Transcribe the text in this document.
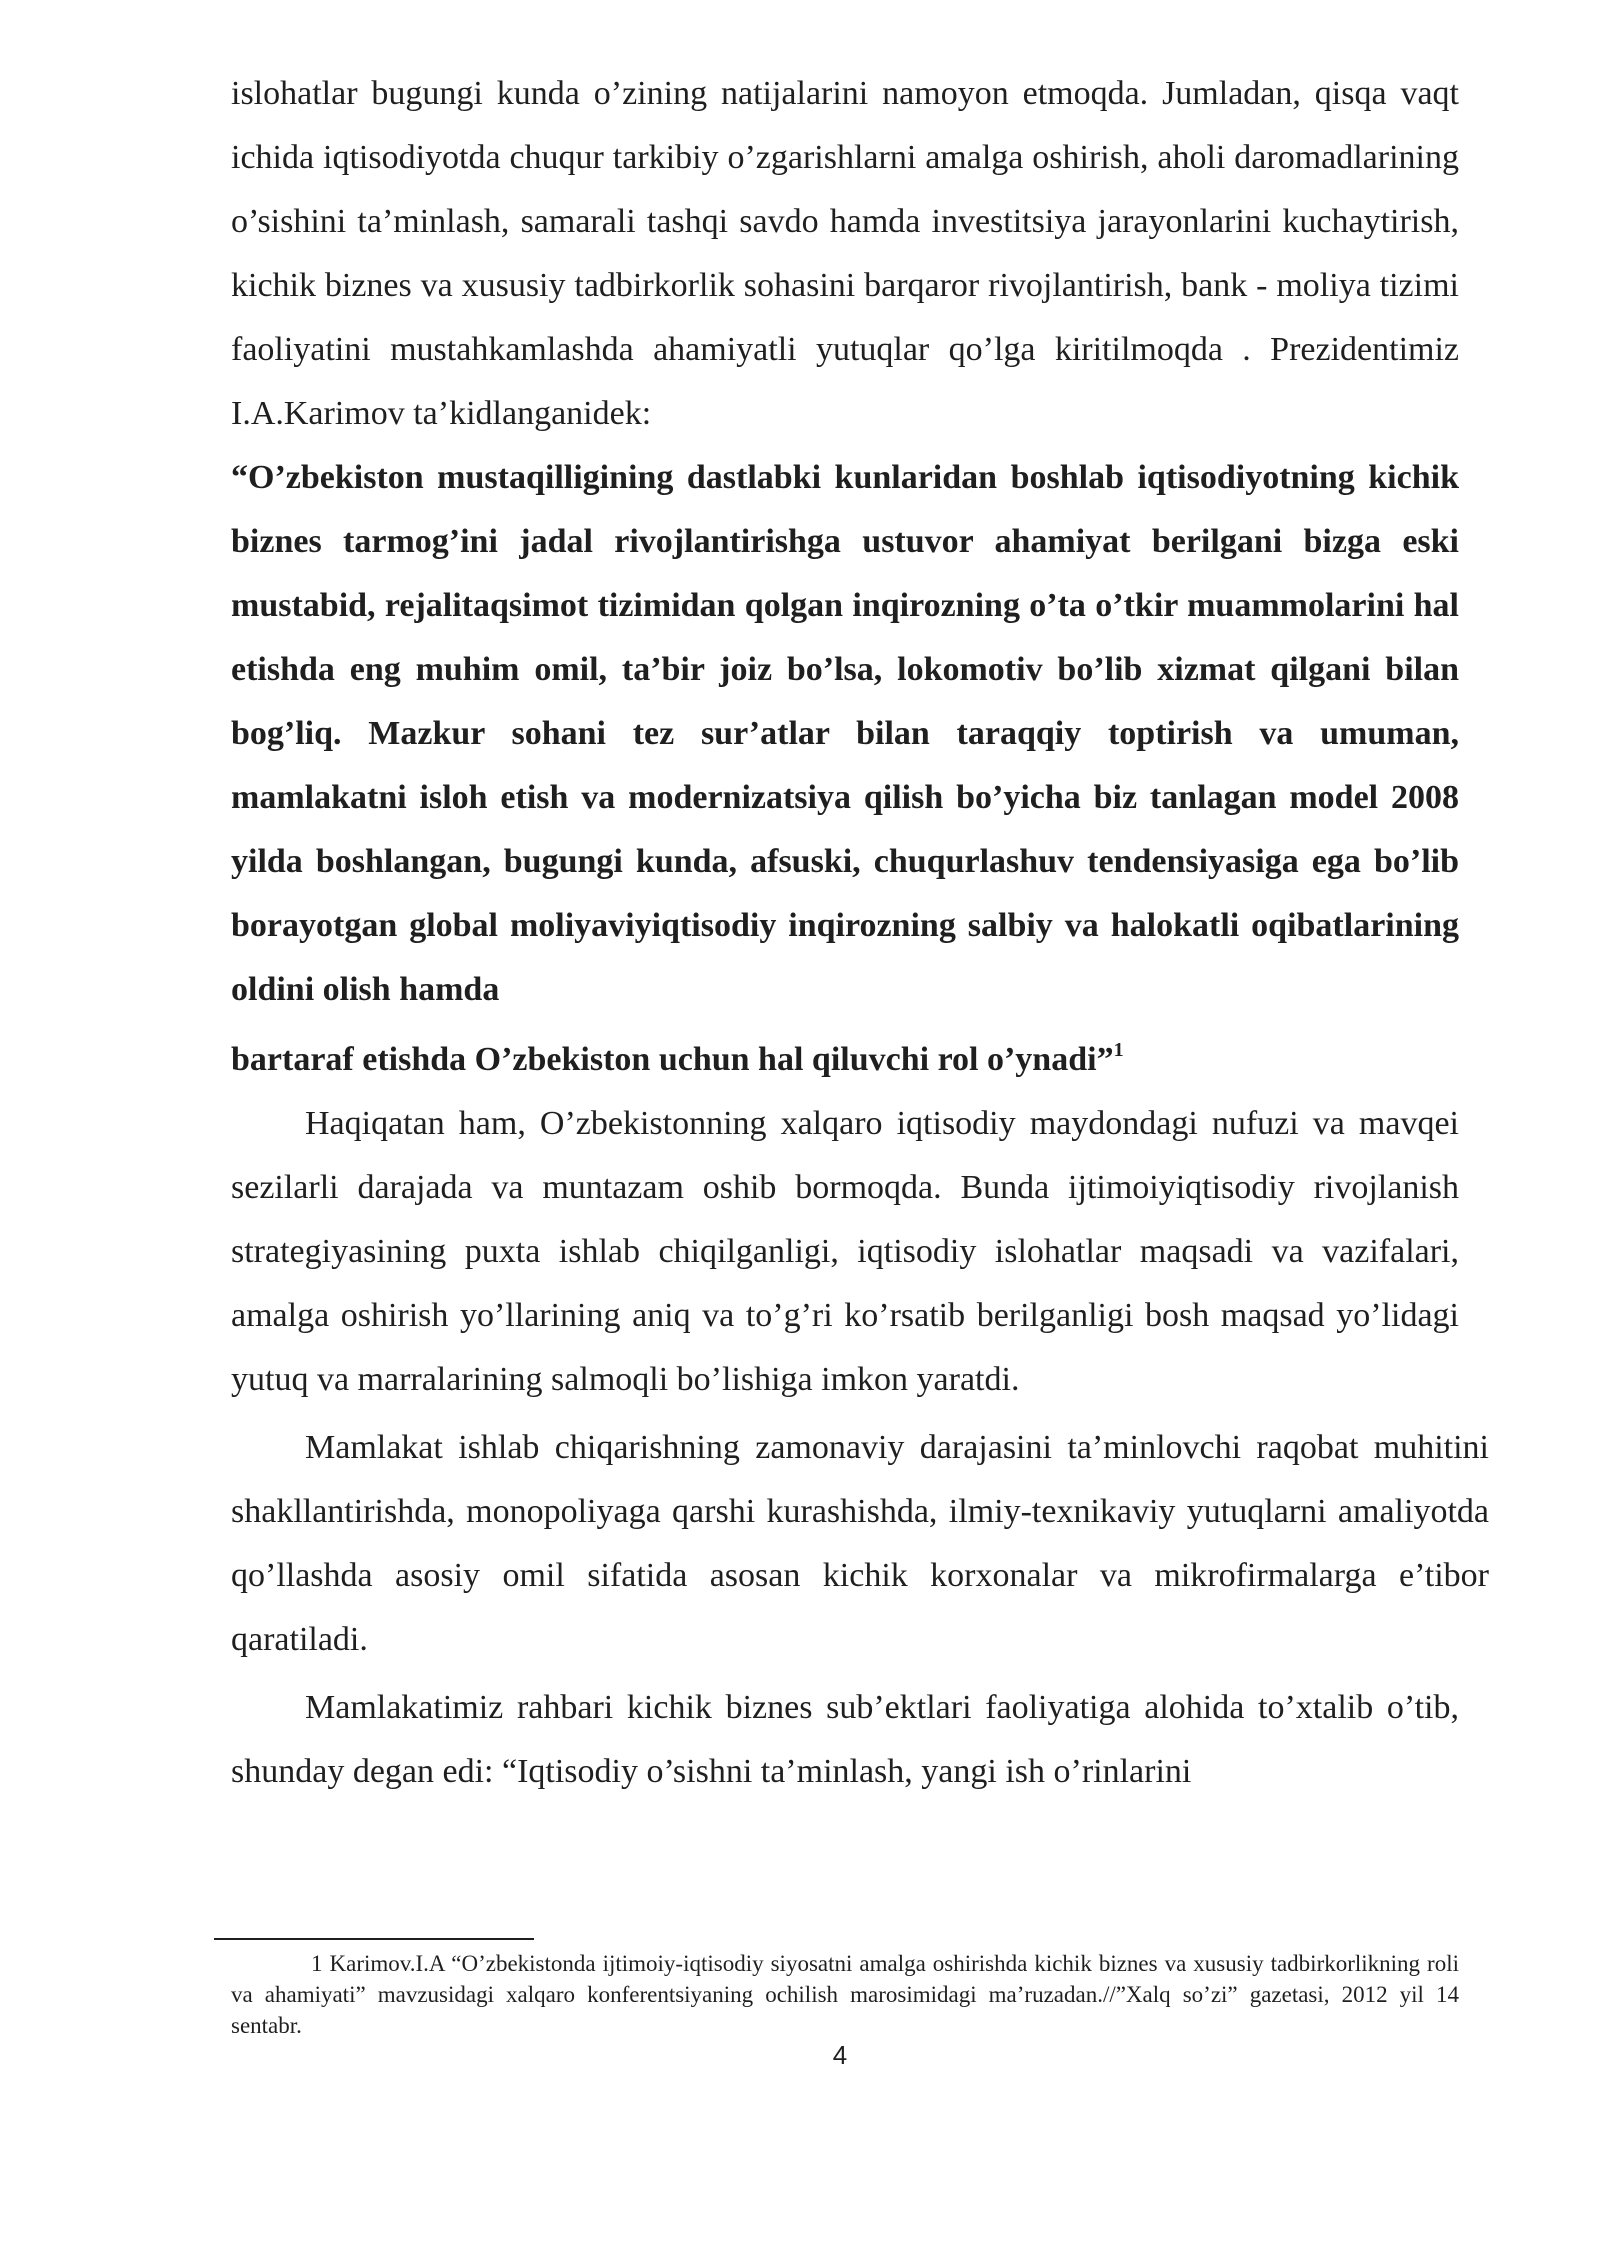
islohatlar bugungi kunda o’zining natijalarini namoyon etmoqda. Jumladan, qisqa vaqt ichida iqtisodiyotda chuqur tarkibiy o’zgarishlarni amalga oshirish, aholi daromadlarining o’sishini ta’minlash, samarali tashqi savdo hamda investitsiya jarayonlarini kuchaytirish, kichik biznes va xususiy tadbirkorlik sohasini barqaror rivojlantirish, bank - moliya tizimi faoliyatini mustahkamlashda ahamiyatli yutuqlar qo’lga kiritilmoqda . Prezidentimiz I.A.Karimov ta’kidlanganidek:

“O’zbekiston mustaqilligining dastlabki kunlaridan boshlab iqtisodiyotning kichik biznes tarmog’ini jadal rivojlantirishga ustuvor ahamiyat berilgani bizga eski mustabid, rejalitaqsimot tizimidan qolgan inqirozning o’ta o’tkir muammolarini hal etishda eng muhim omil, ta’bir joiz bo’lsa, lokomotiv bo’lib xizmat qilgani bilan bog’liq. Mazkur sohani tez sur’atlar bilan taraqqiy toptirish va umuman, mamlakatni isloh etish va modernizatsiya qilish bo’yicha biz tanlagan model 2008 yilda boshlangan, bugungi kunda, afsuski, chuqurlashuv tendensiyasiga ega bo’lib borayotgan global moliyaviyiqtisodiy inqirozning salbiy va halokatli oqibatlarining oldini olish hamda

bartaraf etishda O’zbekiston uchun hal qiluvchi rol o’ynadi”$^1$

Haqiqatan ham, O’zbekistonning xalqaro iqtisodiy maydondagi nufuzi va mavqei sezilarli darajada va muntazam oshib bormoqda. Bunda ijtimoiyiqtisodiy rivojlanish strategiyasining puxta ishlab chiqilganligi, iqtisodiy islohatlar maqsadi va vazifalari, amalga oshirish yo’llarining aniq va to’g’ri ko’rsatib berilganligi bosh maqsad yo’lidagi yutuq va marralarining salmoqli bo’lishiga imkon yaratdi.

Mamlakat ishlab chiqarishning zamonaviy darajasini ta’minlovchi raqobat muhitini shakllantirishda, monopoliyaga qarshi kurashishda, ilmiy-texnikaviy yutuqlarni amaliyotda qo’llashda asosiy omil sifatida asosan kichik korxonalar va mikrofirmalarga e’tibor qaratiladi.

Mamlakatimiz rahbari kichik biznes sub’ektlari faoliyatiga alohida to’xtalib o’tib, shunday degan edi: “Iqtisodiy o’sishni ta’minlash, yangi ish o’rinlarini

1 Karimov.I.A “O’zbekistonda ijtimoiy-iqtisodiy siyosatni amalga oshirishda kichik biznes va xususiy tadbirkorlikning roli va ahamiyati” mavzusidagi xalqaro konferentsiyaning ochilish marosimidagi ma’ruzadan.//”Xalq so’zi” gazetasi, 2012 yil 14 sentabr.

4
